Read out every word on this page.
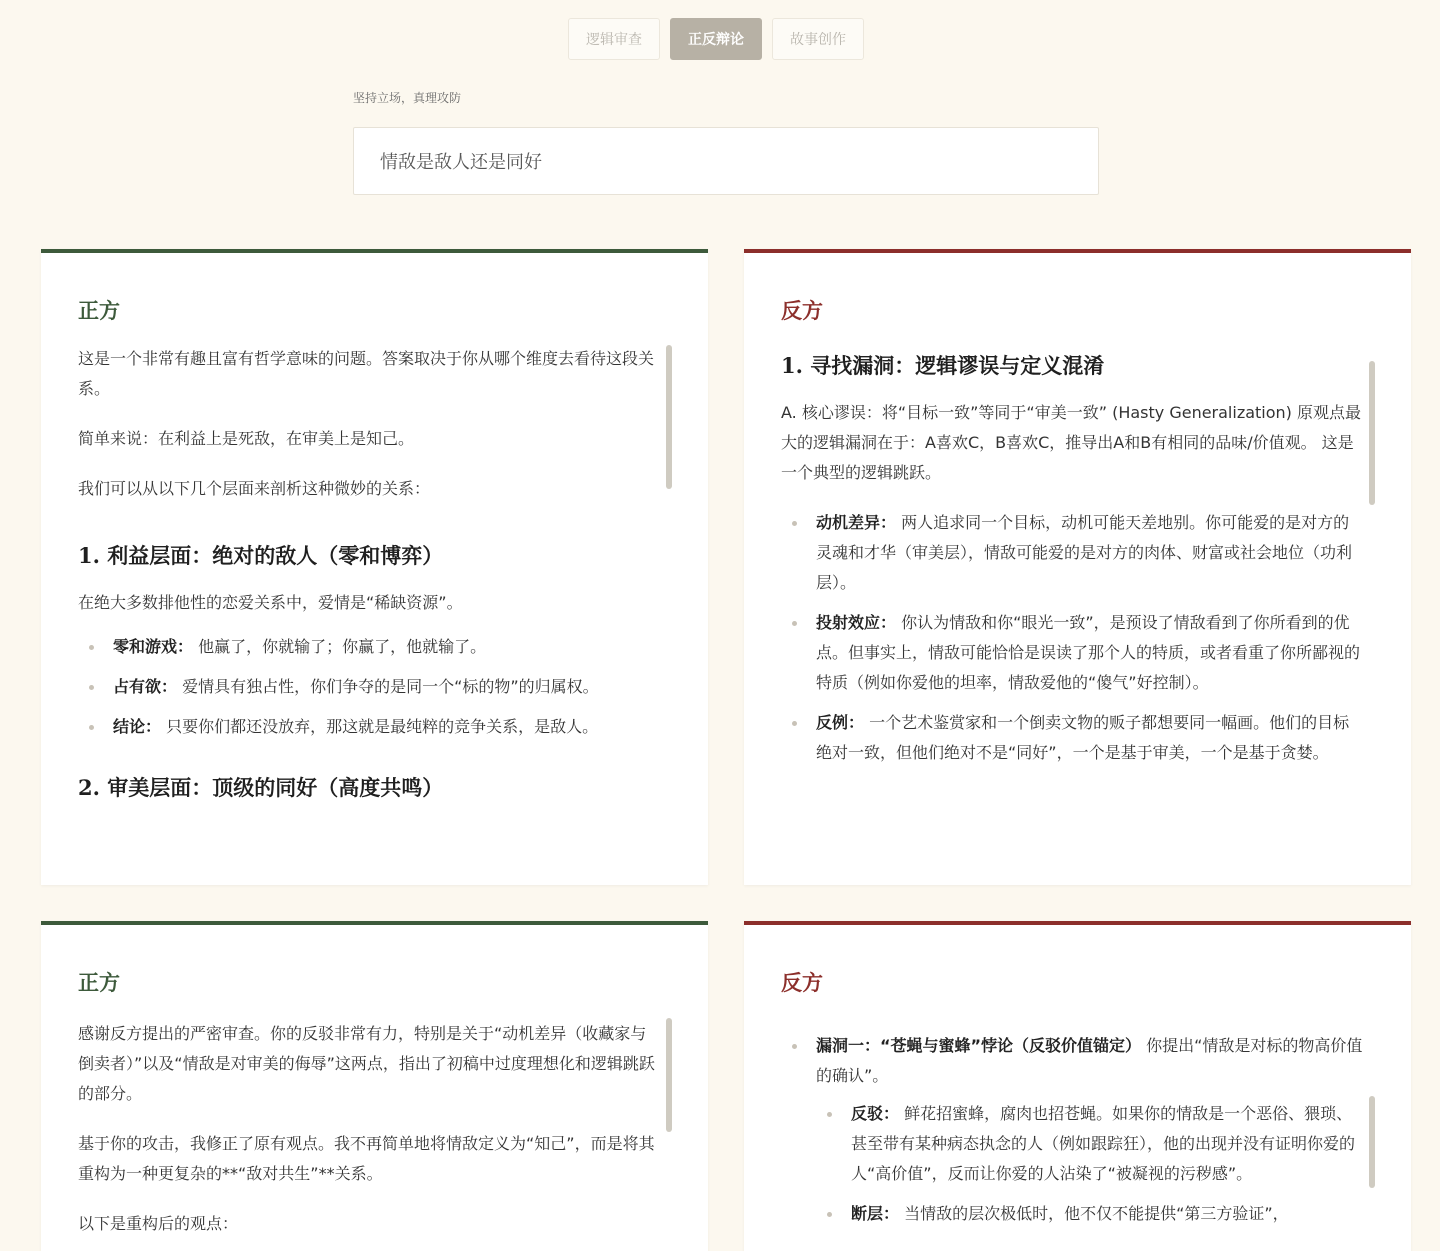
逻辑审查	正反辩论	故事创作
坚持立场，真理攻防
情敌是敌人还是同好
正方

这是一个非常有趣且富有哲学意味的问题。答案取决于你从哪个维度去看待这段关系。

简单来说：在利益上是死敌，在审美上是知己。

我们可以从以下几个层面来剖析这种微妙的关系：

1. 利益层面：绝对的敌人（零和博弈）

在绝大多数排他性的恋爱关系中，爱情是“稀缺资源”。

零和游戏： 他赢了，你就输了；你赢了，他就输了。
占有欲： 爱情具有独占性，你们争夺的是同一个“标的物”的归属权。
结论： 只要你们都还没放弃，那这就是最纯粹的竞争关系，是敌人。
2. 审美层面：顶级的同好（高度共鸣）
反方
1. 寻找漏洞：逻辑谬误与定义混淆

A. 核心谬误：将“目标一致”等同于“审美一致” (Hasty Generalization) 原观点最大的逻辑漏洞在于：A喜欢C，B喜欢C，推导出A和B有相同的品味/价值观。 这是一个典型的逻辑跳跃。

动机差异： 两人追求同一个目标，动机可能天差地别。你可能爱的是对方的灵魂和才华（审美层），情敌可能爱的是对方的肉体、财富或社会地位（功利层）。
投射效应： 你认为情敌和你“眼光一致”，是预设了情敌看到了你所看到的优点。但事实上，情敌可能恰恰是误读了那个人的特质，或者看重了你所鄙视的特质（例如你爱他的坦率，情敌爱他的“傻气”好控制）。
反例： 一个艺术鉴赏家和一个倒卖文物的贩子都想要同一幅画。他们的目标绝对一致，但他们绝对不是“同好”，一个是基于审美，一个是基于贪婪。
正方

感谢反方提出的严密审查。你的反驳非常有力，特别是关于“动机差异（收藏家与倒卖者）”以及“情敌是对审美的侮辱”这两点，指出了初稿中过度理想化和逻辑跳跃的部分。

基于你的攻击，我修正了原有观点。我不再简单地将情敌定义为“知己”，而是将其重构为一种更复杂的**“敌对共生”**关系。

以下是重构后的观点：

反方
漏洞一：“苍蝇与蜜蜂”悖论（反驳价值锚定） 你提出“情敌是对标的物高价值的确认”。
反驳： 鲜花招蜜蜂，腐肉也招苍蝇。如果你的情敌是一个恶俗、猥琐、甚至带有某种病态执念的人（例如跟踪狂），他的出现并没有证明你爱的人“高价值”，反而让你爱的人沾染了“被凝视的污秽感”。
断层： 当情敌的层次极低时，他不仅不能提供“第三方验证”，
